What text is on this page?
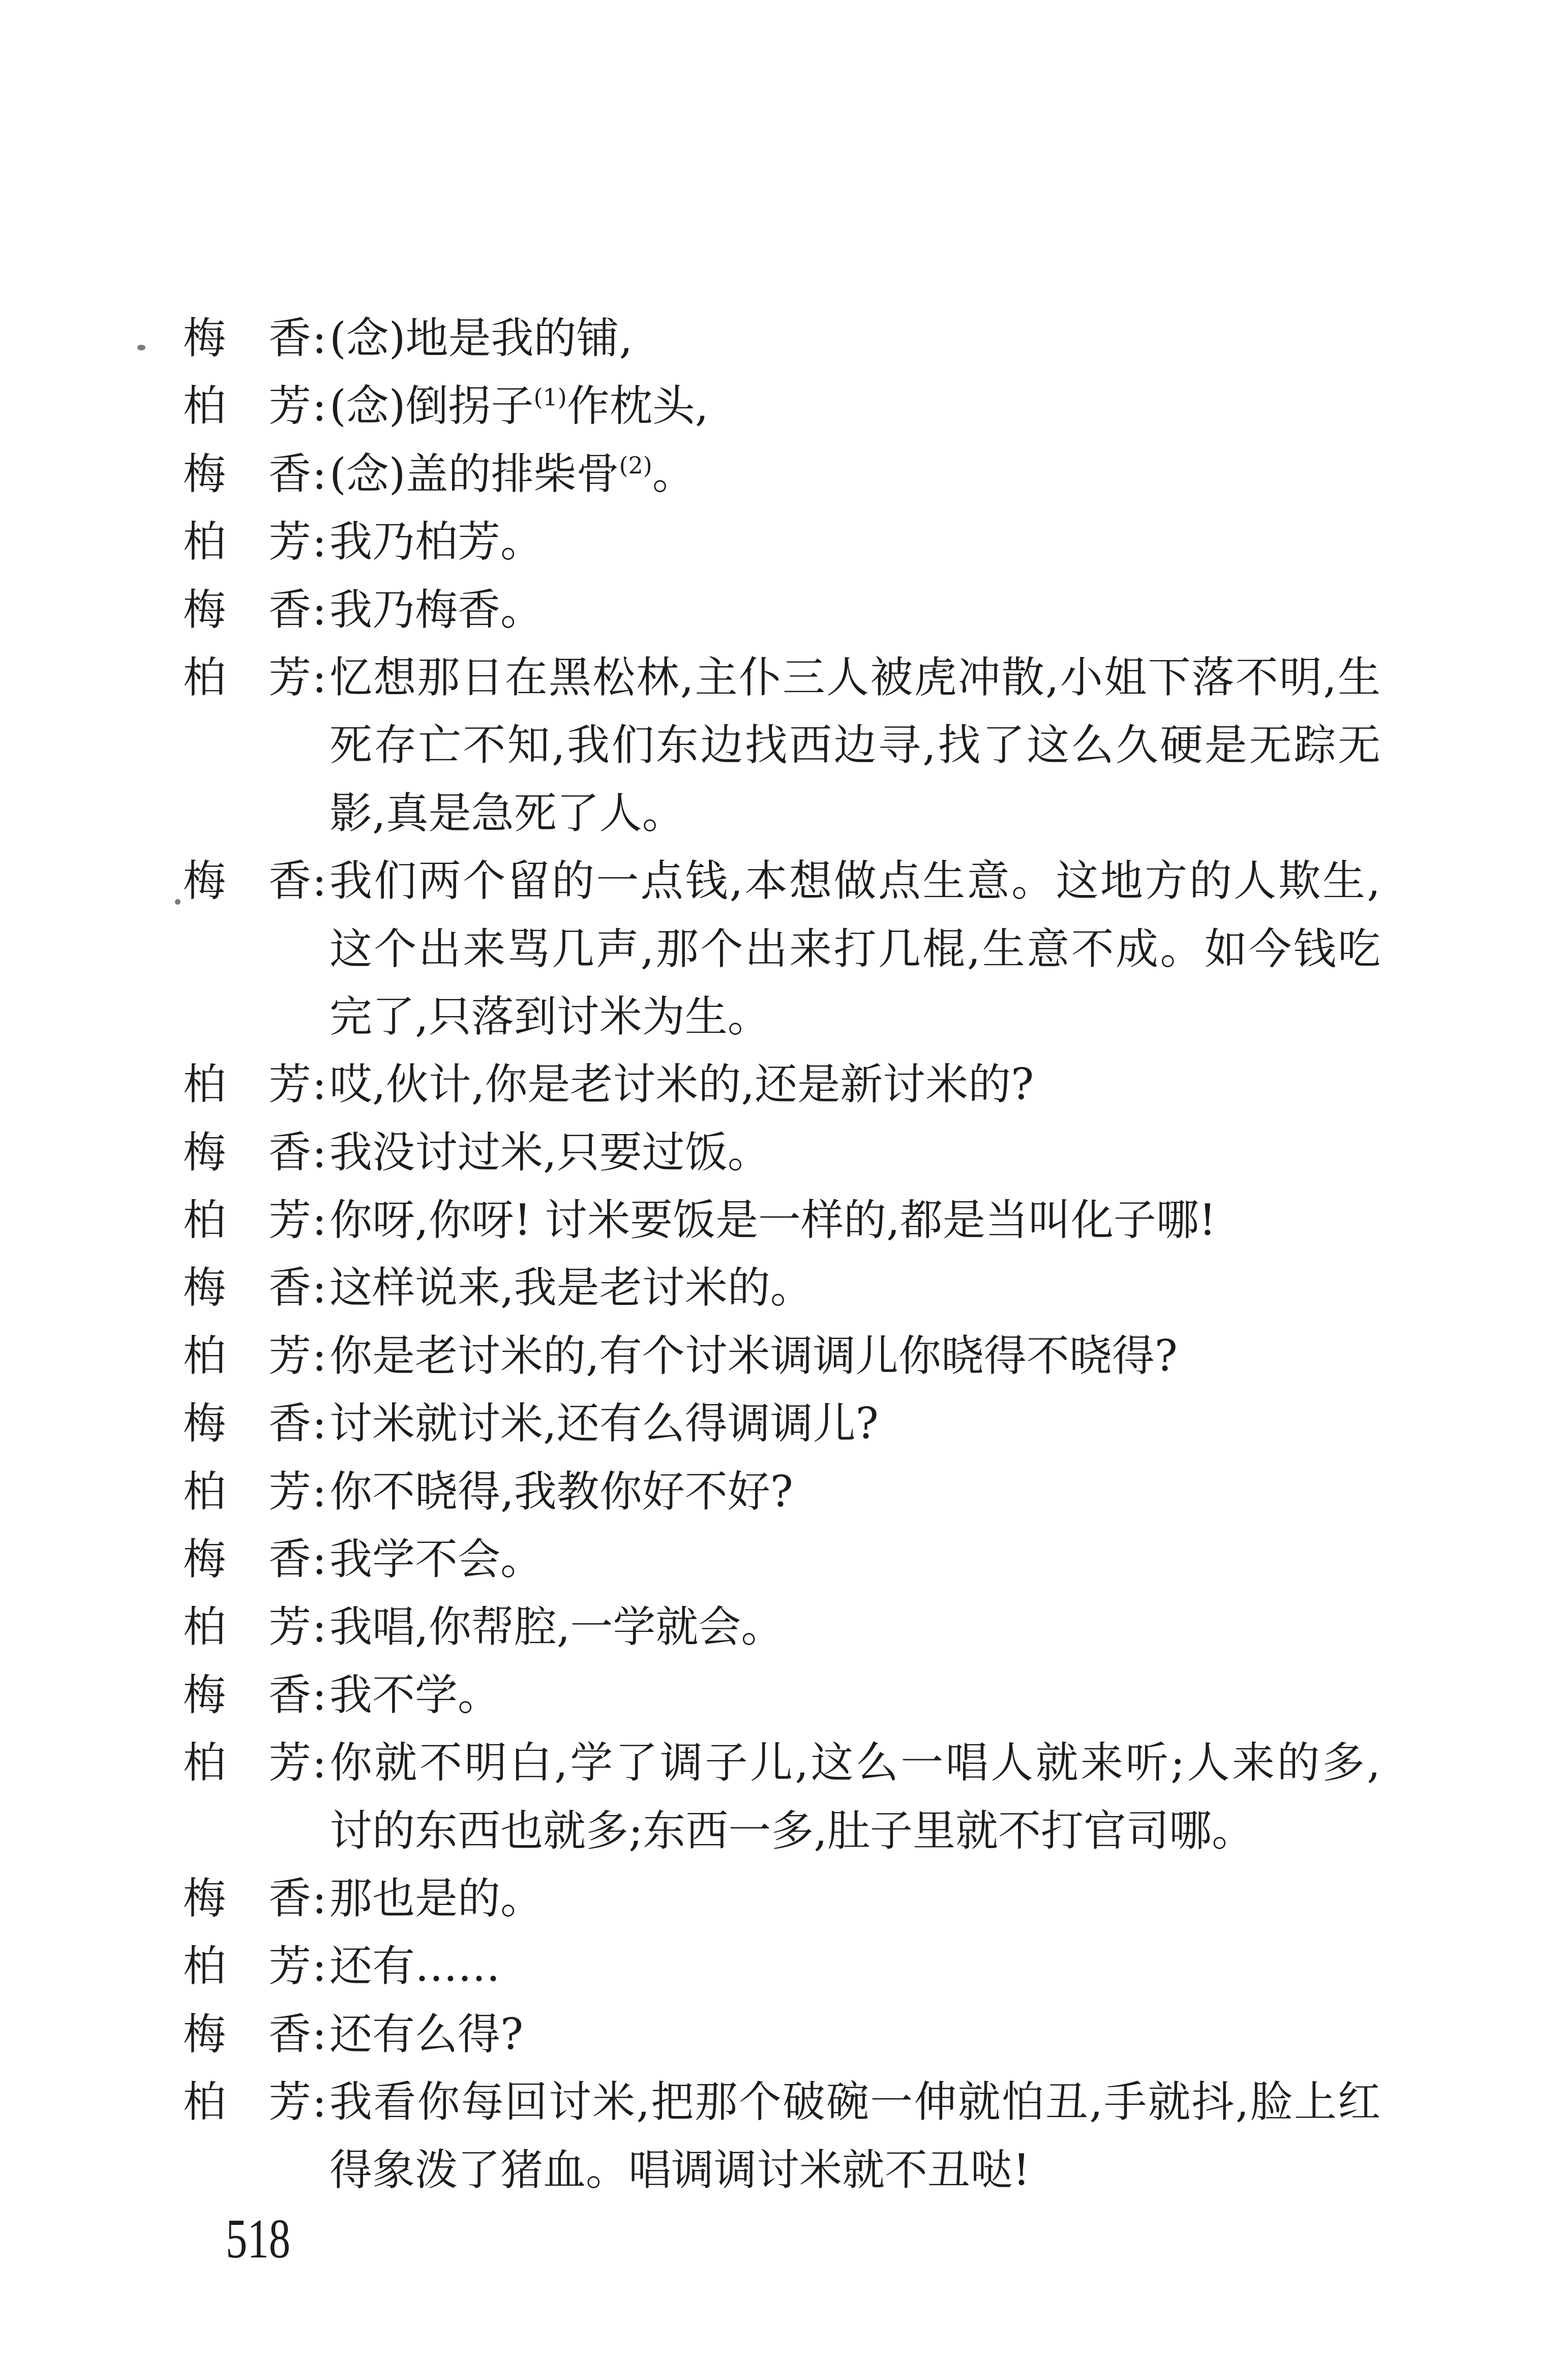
梅 香 : (念)地是我的铺,
柏 芳 : (念)倒拐子$^{(1)}$作枕头,
梅 香 : (念)盖的排柴骨$^{(2)}$。
柏 芳 : 我乃柏芳。
梅 香 : 我乃梅香。
柏 芳 : 忆想那日在黑松林,主仆三人被虎冲散,小姐下落不明,生
死存亡不知,我们东边找西边寻,找了这么久硬是无踪无
影,真是急死了人。
梅 香 : 我们两个留的一点钱,本想做点生意。这地方的人欺生,
这个出来骂几声,那个出来打几棍,生意不成。如今钱吃
完了,只落到讨米为生。
柏 芳 : 哎,伙计,你是老讨米的,还是新讨米的?
梅 香 : 我没讨过米,只要过饭。
柏 芳 : 你呀,你呀! 讨米要饭是一样的,都是当叫化子哪!
梅 香 : 这样说来,我是老讨米的。
柏 芳 : 你是老讨米的,有个讨米调调儿你晓得不晓得?
梅 香 : 讨米就讨米,还有么得调调儿?
柏 芳 : 你不晓得,我教你好不好?
梅 香 : 我学不会。
柏 芳 : 我唱,你帮腔,一学就会。
梅 香 : 我不学。
柏 芳 : 你就不明白,学了调子儿,这么一唱人就来听;人来的多,
讨的东西也就多;东西一多,肚子里就不打官司哪。
梅 香 : 那也是的。
柏 芳 : 还有……
梅 香 : 还有么得?
柏 芳 : 我看你每回讨米,把那个破碗一伸就怕丑,手就抖,脸上红
得象泼了猪血。唱调调讨米就不丑哒!
518
